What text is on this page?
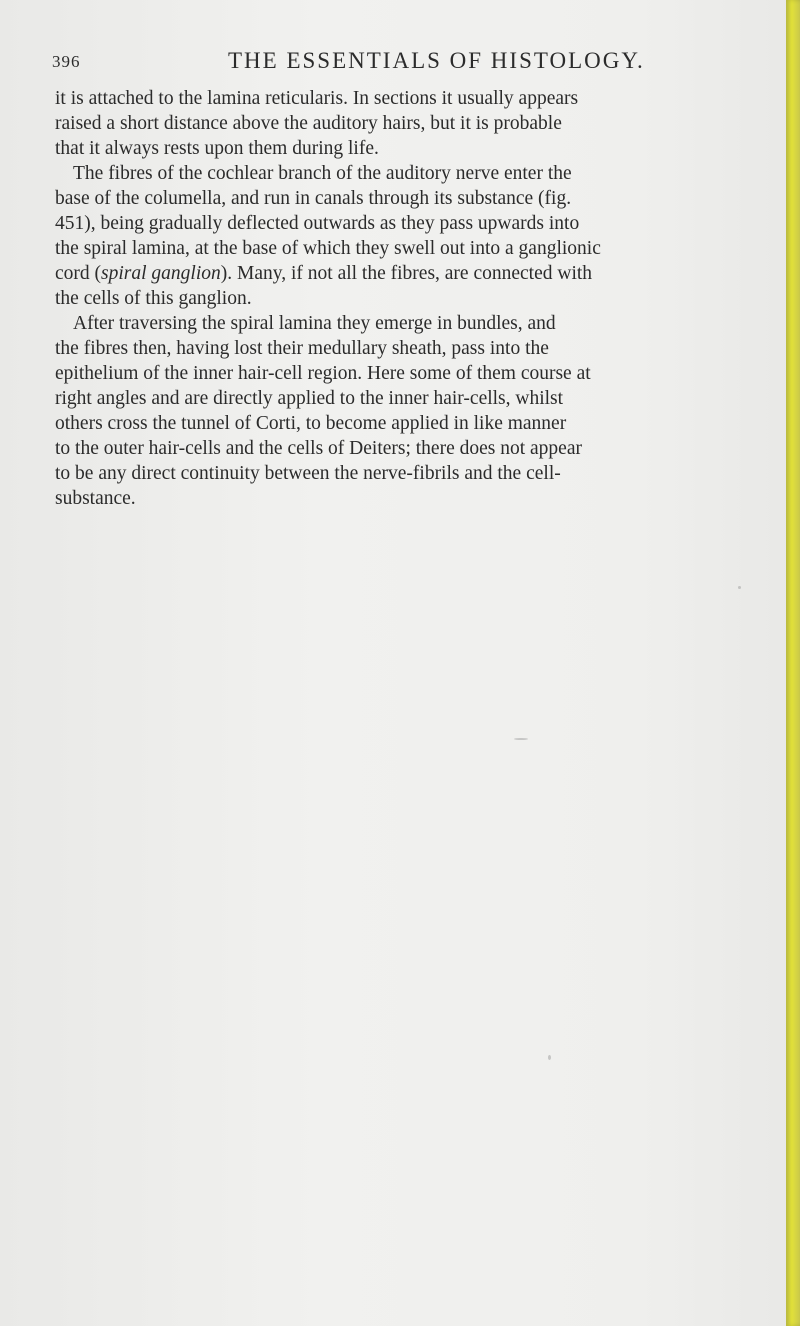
396	THE ESSENTIALS OF HISTOLOGY.
it is attached to the lamina reticularis. In sections it usually appears
raised a short distance above the auditory hairs, but it is probable
that it always rests upon them during life.
The fibres of the cochlear branch of the auditory nerve enter the
base of the columella, and run in canals through its substance (fig.
451), being gradually deflected outwards as they pass upwards into
the spiral lamina, at the base of which they swell out into a ganglionic
cord (spiral ganglion). Many, if not all the fibres, are connected with
the cells of this ganglion.
After traversing the spiral lamina they emerge in bundles, and
the fibres then, having lost their medullary sheath, pass into the
epithelium of the inner hair-cell region. Here some of them course at
right angles and are directly applied to the inner hair-cells, whilst
others cross the tunnel of Corti, to become applied in like manner
to the outer hair-cells and the cells of Deiters; there does not appear
to be any direct continuity between the nerve-fibrils and the cell-
substance.
